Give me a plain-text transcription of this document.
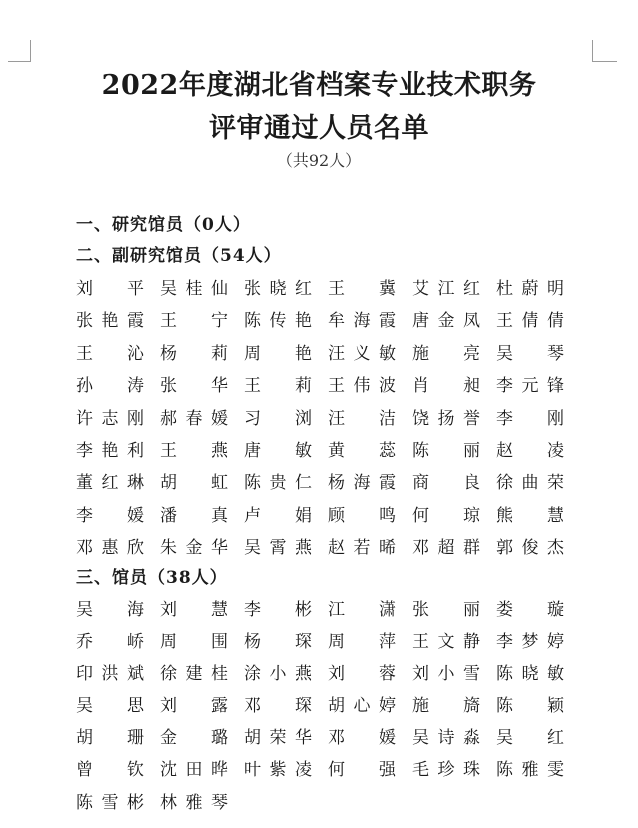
2022年度湖北省档案专业技术职务
评审通过人员名单
（共92人）
一、研究馆员（0人）
二、副研究馆员（54人）
刘平 吴桂仙 张晓红 王冀 艾江红 杜蔚明
张艳霞 王宁 陈传艳 牟海霞 唐金凤 王倩倩
王沁 杨莉 周艳 汪义敏 施亮 吴琴
孙涛 张华 王莉 王伟波 肖昶 李元锋
许志刚 郝春媛 习浏 汪洁 饶扬誉 李刚
李艳利 王燕 唐敏 黄蕊 陈丽 赵凌
董红琳 胡虹 陈贵仁 杨海霞 商良 徐曲荣
李媛 潘真 卢娟 顾鸣 何琼 熊慧
邓惠欣 朱金华 吴霄燕 赵若晞 邓超群 郭俊杰
三、馆员（38人）
吴海 刘慧 李彬 江潇 张丽 娄璇
乔峤 周围 杨琛 周萍 王文静 李梦婷
印洪斌 徐建桂 涂小燕 刘蓉 刘小雪 陈晓敏
吴思 刘露 邓琛 胡心婷 施旖 陈颖
胡珊 金璐 胡荣华 邓媛 吴诗淼 吴红
曾钦 沈田晔 叶紫凌 何强 毛珍珠 陈雅雯
陈雪彬 林雅琴
